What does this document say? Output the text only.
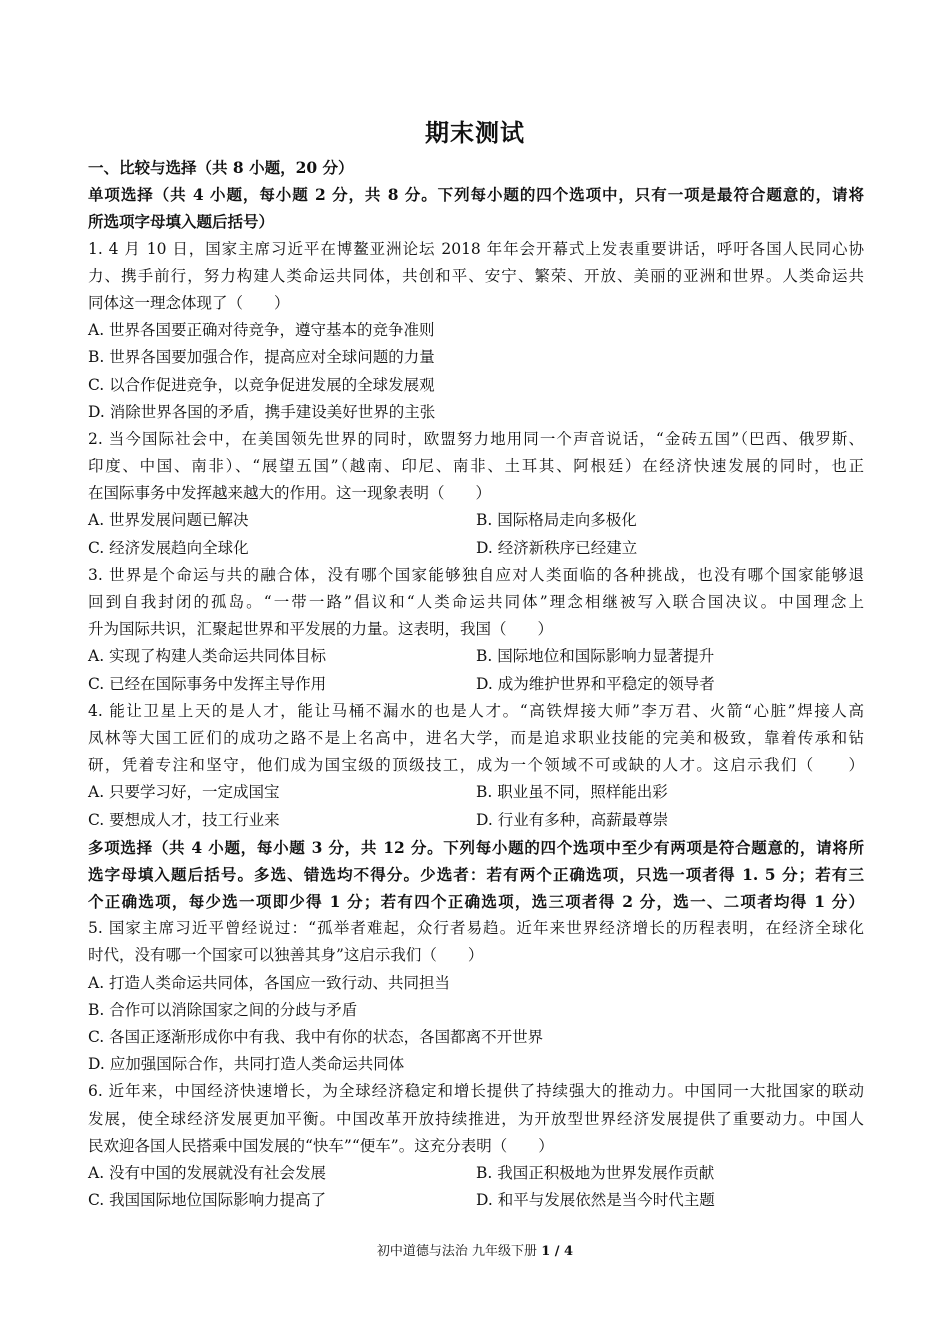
期末测试
一、比较与选择（共 8 小题，20 分）
单项选择（共 4 小题，每小题 2 分，共 8 分。下列每小题的四个选项中，只有一项是最符合题意的，请将
所选项字母填入题后括号）
1. 4 月 10 日，国家主席习近平在博鳌亚洲论坛 2018 年年会开幕式上发表重要讲话，呼吁各国人民同心协
力、携手前行，努力构建人类命运共同体，共创和平、安宁、繁荣、开放、美丽的亚洲和世界。人类命运共
同体这一理念体现了（　　）
A. 世界各国要正确对待竞争，遵守基本的竞争准则
B. 世界各国要加强合作，提高应对全球问题的力量
C. 以合作促进竞争，以竞争促进发展的全球发展观
D. 消除世界各国的矛盾，携手建设美好世界的主张
2. 当今国际社会中，在美国领先世界的同时，欧盟努力地用同一个声音说话，“金砖五国”（巴西、俄罗斯、
印度、中国、南非）、“展望五国”（越南、印尼、南非、土耳其、阿根廷）在经济快速发展的同时，也正
在国际事务中发挥越来越大的作用。这一现象表明（　　）
A. 世界发展问题已解决	B. 国际格局走向多极化
C. 经济发展趋向全球化	D. 经济新秩序已经建立
3. 世界是个命运与共的融合体，没有哪个国家能够独自应对人类面临的各种挑战，也没有哪个国家能够退
回到自我封闭的孤岛。“一带一路”倡议和“人类命运共同体”理念相继被写入联合国决议。中国理念上
升为国际共识，汇聚起世界和平发展的力量。这表明，我国（　　）
A. 实现了构建人类命运共同体目标	B. 国际地位和国际影响力显著提升
C. 已经在国际事务中发挥主导作用	D. 成为维护世界和平稳定的领导者
4. 能让卫星上天的是人才，能让马桶不漏水的也是人才。“高铁焊接大师”李万君、火箭“心脏”焊接人高
凤林等大国工匠们的成功之路不是上名高中，进名大学，而是追求职业技能的完美和极致，靠着传承和钻
研，凭着专注和坚守，他们成为国宝级的顶级技工，成为一个领域不可或缺的人才。这启示我们（　　）
A. 只要学习好，一定成国宝	B. 职业虽不同，照样能出彩
C. 要想成人才，技工行业来	D. 行业有多种，高薪最尊崇
多项选择（共 4 小题，每小题 3 分，共 12 分。下列每小题的四个选项中至少有两项是符合题意的，请将所
选字母填入题后括号。多选、错选均不得分。少选者：若有两个正确选项，只选一项者得 1. 5 分；若有三
个正确选项，每少选一项即少得 1 分；若有四个正确选项，选三项者得 2 分，选一、二项者均得 1 分）
5. 国家主席习近平曾经说过：“孤举者难起，众行者易趋。近年来世界经济增长的历程表明，在经济全球化
时代，没有哪一个国家可以独善其身”这启示我们（　　）
A. 打造人类命运共同体，各国应一致行动、共同担当
B. 合作可以消除国家之间的分歧与矛盾
C. 各国正逐渐形成你中有我、我中有你的状态，各国都离不开世界
D. 应加强国际合作，共同打造人类命运共同体
6. 近年来，中国经济快速增长，为全球经济稳定和增长提供了持续强大的推动力。中国同一大批国家的联动
发展，使全球经济发展更加平衡。中国改革开放持续推进，为开放型世界经济发展提供了重要动力。中国人
民欢迎各国人民搭乘中国发展的“快车”“便车”。这充分表明（　　）
A. 没有中国的发展就没有社会发展	B. 我国正积极地为世界发展作贡献
C. 我国国际地位国际影响力提高了	D. 和平与发展依然是当今时代主题
初中道德与法治 九年级下册 1 / 4
